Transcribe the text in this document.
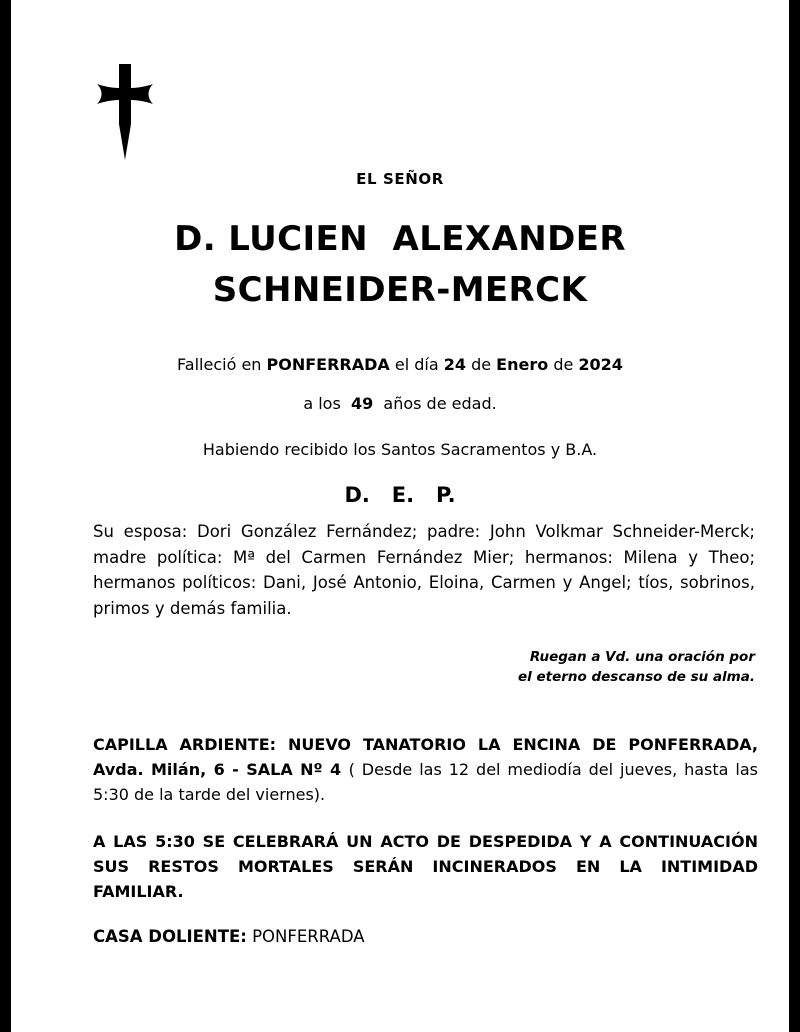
EL SEÑOR
D. LUCIEN  ALEXANDER
SCHNEIDER-MERCK
Falleció en PONFERRADA el día 24 de Enero de 2024
a los  49  años de edad.
Habiendo recibido los Santos Sacramentos y B.A.
D.   E.   P.
Su esposa: Dori González Fernández; padre: John Volkmar Schneider-Merck; madre política: Mª del Carmen Fernández Mier; hermanos: Milena y Theo; hermanos políticos: Dani, José Antonio, Eloina, Carmen y Angel; tíos, sobrinos, primos y demás familia.
Ruegan a Vd. una oración por
el eterno descanso de su alma.
CAPILLA ARDIENTE: NUEVO TANATORIO LA ENCINA DE PONFERRADA, Avda. Milán, 6 - SALA Nº 4 ( Desde las 12 del mediodía del jueves, hasta las 5:30 de la tarde del viernes).
A LAS 5:30 SE CELEBRARÁ UN ACTO DE DESPEDIDA Y A CONTINUACIÓN SUS RESTOS MORTALES SERÁN INCINERADOS EN LA INTIMIDAD FAMILIAR.
CASA DOLIENTE: PONFERRADA
